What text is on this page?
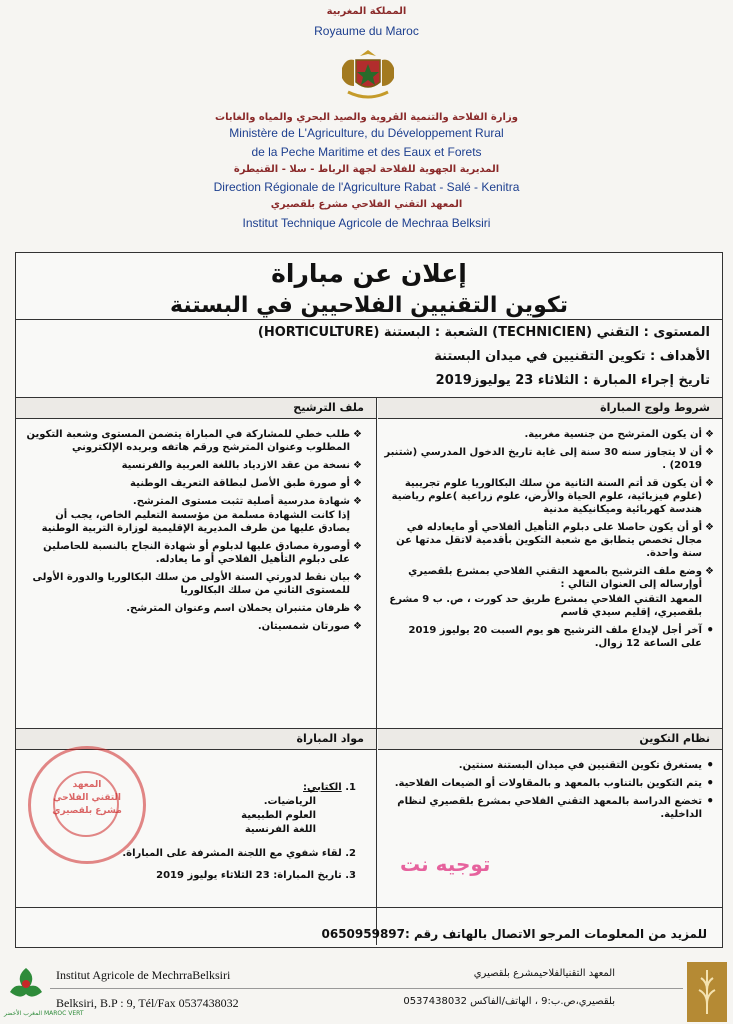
المملكة المغربية
Royaume du Maroc
وزارة الفلاحة والتنمية القروية والصيد البحري والمياه والغابات
Ministère de L'Agriculture, du Développement Rural
de la Peche Maritime et des Eaux et Forets
المديرية الجهوية للفلاحة لجهة الرباط - سلا - القنيطرة
Direction Régionale de l'Agriculture Rabat - Salé - Kenitra
المعهد التقني الفلاحي مشرع بلقصيري
Institut Technique Agricole de Mechraa Belksiri
إعلان عن مباراة
تكوين التقنيين الفلاحيين في البستنة
المستوى : التقني (TECHNICIEN) الشعبة : البستنة (HORTICULTURE)
الأهداف : تكوين التقنيين في ميدان البستنة
تاريخ إجراء المبارة : الثلاثاء 23 يوليوز2019
شروط ولوج المباراة
❖ أن يكون المترشح من جنسية مغربية.
❖ أن لا يتجاوز سنه 30 سنة إلى غاية تاريخ الدخول المدرسي (شتنبر 2019) .
❖ أن يكون قد أتم السنة الثانية من سلك البكالوريا علوم تجريبية (علوم فيزيائية، علوم الحياة والأرض، علوم زراعية )علوم رياضية هندسة كهربائية وميكانيكية مدنية
❖ أو أن يكون حاصلا على دبلوم التأهيل ألفلاحي أو مايعادله في مجال تخصص يتطابق مع شعبة التكوين بأقدمية لاتقل مدتها عن سنة واحدة.
❖ وضع ملف الترشيح بالمعهد التقني الفلاحي بمشرع بلقصيري أوإرساله إلى العنوان التالي :
المعهد التقني الفلاحي بمشرع طريق حد كورت ، ص. ب 9 مشرع بلقصيري، إقليم سيدي قاسم
• آخر أجل لإيداع ملف الترشيح هو يوم السبت 20 يوليوز 2019 على الساعة 12 زوال.
ملف الترشيح
❖ طلب خطي للمشاركة في المباراة يتضمن المستوى وشعبة التكوين المطلوب وعنوان المترشح ورقم هاتفه وبريده الإلكتروني
❖ نسخة من عقد الازدياد باللغة العربية والفرنسية
❖ أو صورة طبق الأصل لبطاقة التعريف الوطنية
❖ شهادة مدرسية أصلية تثبت مستوى المترشح.
إذا كانت الشهادة مسلمة من مؤسسة التعليم الخاص، يجب أن يصادق عليها من طرف المديرية الإقليمية لوزارة التربية الوطنية
❖ أوصورة مصادق عليها لدبلوم أو شهادة النجاح بالنسبة للحاصلين على دبلوم التأهيل الفلاحي أو ما يعادله.
❖ بيان نقط لدورتي السنة الأولى من سلك البكالوريا والدورة الأولى للمستوى الثاني من سلك البكالوريا
❖ ظرفان متنبران يحملان اسم وعنوان المترشح.
❖ صورتان شمسيتان.
نظام التكوين
• يستغرق تكوين التقنيين في ميدان البستنة سنتين.
• يتم التكوين بالتناوب بالمعهد و بالمقاولات أو الضيعات الفلاحية.
• تخضع الدراسة بالمعهد التقني الفلاحي بمشرع بلقصيري لنظام الداخلية.
مواد المباراة
1. الكتابي:
الرياضيات.
العلوم الطبيعية
اللغة الفرنسية
2. لقاء شفوي مع اللجنة المشرفة على المباراة.
3. تاريخ المباراة: 23 الثلاثاء يوليوز 2019
المعهد
التقني الفلاحي
مشرع بلقصيري
توجيه نت
للمزيد من المعلومات المرجو الاتصال بالهاتف رقم :0650959897
المغرب الأخضر MAROC VERT
Institut Agricole de MechrraBelksiri
Belksiri, B.P : 9, Tél/Fax 0537438032
المعهد التقنيالفلاحيمشرع بلقصيري
بلقصيري،ص.ب:9 ، الهاتف/الفاكس 0537438032
